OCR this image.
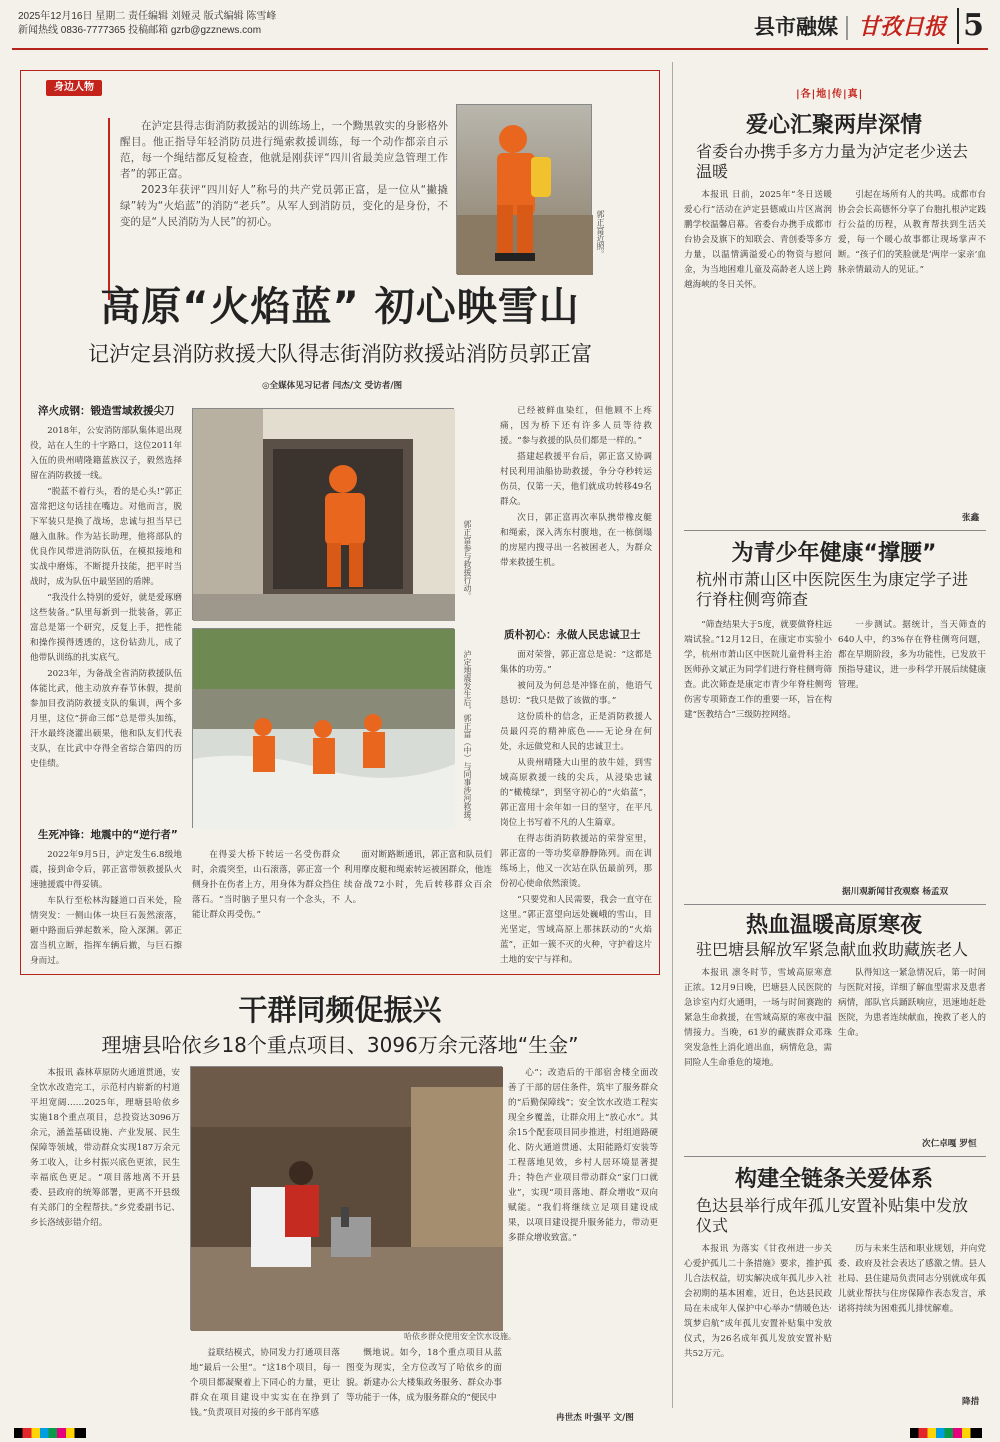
2025年12月16日 星期二 责任编辑 刘娅灵 版式编辑 陈雪峰
新闻热线 0836-7777365 投稿邮箱 gzrb@gzznews.com	县市融媒 甘孜日报 5
身边人物

在泸定县得志街消防救援站的训练场上，一个黝黑敦实的身影格外醒目。他正指导年轻消防员进行绳索救援训练，每一个动作都亲自示范，每一个绳结都反复检查，他就是刚获评“四川省最美应急管理工作者”的郭正富。

2023年获评“四川好人”称号的共产党员郭正富，是一位从“撇撬绿”转为“火焰蓝”的消防“老兵”。从军人到消防员，变化的是身份，不变的是“人民消防为人民”的初心。	郭正富近照。
高原“火焰蓝” 初心映雪山
记泸定县消防救援大队得志街消防救援站消防员郭正富
◎全媒体见习记者 闫杰/文 受访者/图
淬火成钢：锻造雪域救援尖刀

2018年，公安消防部队集体退出现役，站在人生的十字路口，这位2011年入伍的贵州晴隆籍蓝族汉子，毅然选择留在消防救援一线。

“脱蓝不着行头，看的是心头!”郭正富常把这句话挂在嘴边。对他而言，脱下军装只是换了战场，忠诚与担当早已融入血脉。作为站长助理，他将部队的优良作风带进消防队伍，在模拟接地和实战中磨炼，不断提升技能，把平时当战时，成为队伍中最坚固的盾牌。

“我没什么特别的爱好，就是爱琢磨这些装备。”队里每新到一批装备，郭正富总是第一个研究，反复上手，把性能和操作摸得透透的，这份钻劲儿，成了他带队训练的扎实底气。

2023年，为备战全省消防救援队伍体能比武，他主动放弃春节休假，提前参加目孜消防救援支队的集训，两个多月里，这位“拼命三郎”总是带头加练，汗水最终浇灌出硕果，他和队友们代表支队，在比武中夺得全省综合第四的历史佳绩。

生死冲锋：地震中的“逆行者”

2022年9月5日，泸定发生6.8级地震，接到命令后，郭正富带领救援队火速驰援震中得妥镇。

车队行至松林沟隧道口百米处，险情突发：一侧山体一块巨石轰然滚落，砸中路面后弹起数米，险入深渊。郭正富当机立断，指挥车辆后撤，与巨石擦身而过。

郭正富参与救援行动。
泸定地震发生后，郭正富（中）与同事涉河救援。

在得妥大桥下转运一名受伤群众时，余震突至，山石滚落，郭正富一个侧身扑在伤者上方，用身体为群众挡住落石。“当时脑子里只有一个念头，不能让群众再受伤。”

面对断路断通讯，郭正富和队员们利用摩皮艇和绳索转运被困群众，他连续奋战72小时，先后转移群众百余人。

已经被鲜血染红，但他顾不上疼痛，因为桥下还有许多人员等待救援。“参与救援的队员们都是一样的。”

搭建起救援平台后，郭正富又协调村民利用油船协助救援，争分夺秒转运伤员，仅第一天，他们就成功转移49名群众。

次日，郭正富再次率队携带橡皮艇和绳索，深入湾东村腹地，在一栋倒塌的房屋内搜寻出一名被困老人，为群众带来救援生机。

质朴初心：永做人民忠诚卫士

面对荣誉，郭正富总是说：“这都是集体的功劳。”

被问及为何总是冲锋在前，他语气恳切：“我只是做了该做的事。”

这份质朴的信念，正是消防救援人员最闪亮的精神底色——无论身在何处，永远做党和人民的忠诚卫士。

从贵州晴隆大山里的放牛娃，到雪域高原救援一线的尖兵，从浸染忠诚的“橄榄绿”，到坚守初心的“火焰蓝”，郭正富用十余年如一日的坚守，在平凡岗位上书写着不凡的人生篇章。

在得志街消防救援站的荣誉室里，郭正富的一等功奖章静静陈列。而在训练场上，他又一次站在队伍最前列，那份初心使命依然滚烫。

“只要党和人民需要，我会一直守在这里。”郭正富望向远处巍峨的雪山，目光坚定，雪域高原上那抹跃动的“火焰蓝”，正如一簇不灭的火种，守护着这片土地的安宁与祥和。

|各|地|传|真|
爱心汇聚两岸深情
省委台办携手多方力量为泸定老少送去温暖

本报讯 日前，2025年“冬日送暖爱心行”活动在泸定县德威山片区嵩润鹏学校温馨启幕。省委台办携手成都市台协会及旗下的知联会、青创委等多方力量，以温情满溢爱心的物资与慰问金，为当地困难儿童及高龄老人送上跨越海峡的冬日关怀。

引起在场所有人的共鸣。成都市台协会会长高德怀分享了台胞扎根泸定践行公益的历程，从教育帮扶到生活关爱，每一个暖心故事都让现场掌声不断。“孩子们的笑脸就是‘两岸一家亲’血脉亲情最动人的见证。”

张鑫
为青少年健康“撑腰”
杭州市萧山区中医院医生为康定学子进行脊柱侧弯筛查

“筛查结果大于5度，就要做脊柱远端试验。”12月12日，在康定市实验小学，杭州市萧山区中医院儿童骨科主治医师孙文斌正为同学们进行脊柱侧弯筛查。此次筛查是康定市青少年脊柱侧弯伤害专项筛查工作的重要一环，旨在构建“医教结合”三级防控网络。

一步测试。据统计，当天筛查的640人中，约3%存在脊柱侧弯问题，都在早期阶段，多为功能性，已发放干预指导建议，进一步科学开展后续健康管理。

据川观新闻甘孜观察 杨孟双
热血温暖高原寒夜
驻巴塘县解放军紧急献血救助藏族老人

本报讯 凛冬时节，雪域高原寒意正浓。12月9日晚，巴塘县人民医院的急诊室内灯火通明，一场与时间赛跑的紧急生命救援，在雪域高原的寒夜中温情接力。当晚，61岁的藏族群众邓珠突发急性上消化道出血，病情危急，需同险人生命垂危的境地。

队得知这一紧急情况后，第一时间与医院对接，详细了解血型需求及患者病情，部队官兵踊跃响应，迅速地赶赴医院，为患者连续献血，挽救了老人的生命。

次仁卓嘎 罗恒
构建全链条关爱体系
色达县举行成年孤儿安置补贴集中发放仪式

本报讯 为落实《甘孜州进一步关心爱护孤儿二十条措施》要求，推护孤儿合法权益，切实解决成年孤儿步入社会初期的基本困难，近日，色达县民政局在未成年人保护中心举办“情暖色达·筑梦启航”成年孤儿安置补贴集中发放仪式，为26名成年孤儿发放安置补贴共52万元。

历与未来生活和职业规划，并向党委、政府及社会表达了感激之情。县人社局、县住建局负责同志分别就成年孤儿就业帮扶与住房保障作表态发言，承诺将持续为困难孤儿排忧解难。

降措
干群同频促振兴
理塘县哈依乡18个重点项目、3096万余元落地“生金”

本报讯 森林草原防火通道贯通，安全饮水改造完工，示范村内崭新的村道平坦宽阔……2025年，理塘县哈依乡实施18个重点项目，总投资达3096万余元，涵盖基础设施、产业发展、民生保障等领域，带动群众实现187万余元务工收入，让乡村振兴底色更浓，民生幸福底色更足。“项目落地离不开县委、县政府的统筹部署，更离不开县级有关部门的全程帮扶。”乡党委副书记、乡长洛绒彭错介绍。

哈依乡群众使用安全饮水设施。

益联结模式，协同发力打通项目落地“最后一公里”。“这18个项目，每一个项目都凝聚着上下同心的力量，更让群众在项目建设中实实在在挣到了钱。”负责项目对接的乡干部肖军感

慨地说。如今，18个重点项目从蓝图变为现实，全方位改写了哈依乡的面貌。新建办公大楼集政务服务、群众办事等功能于一体，成为服务群众的“便民中

心”；改造后的干部宿舍楼全面改善了干部的居住条件，筑牢了服务群众的“后勤保障线”；安全饮水改造工程实现全乡覆盖，让群众用上“放心水”。其余15个配套项目同步推进，村组道路硬化、防火通道贯通、太阳能路灯安装等工程落地见效，乡村人居环境显著提升；特色产业项目带动群众“家门口就业”，实现“项目落地、群众增收”双向赋能。“我们将继续立足项目建设成果，以项目建设提升服务能力，带动更多群众增收致富。”

冉世杰 叶强平 文/图
